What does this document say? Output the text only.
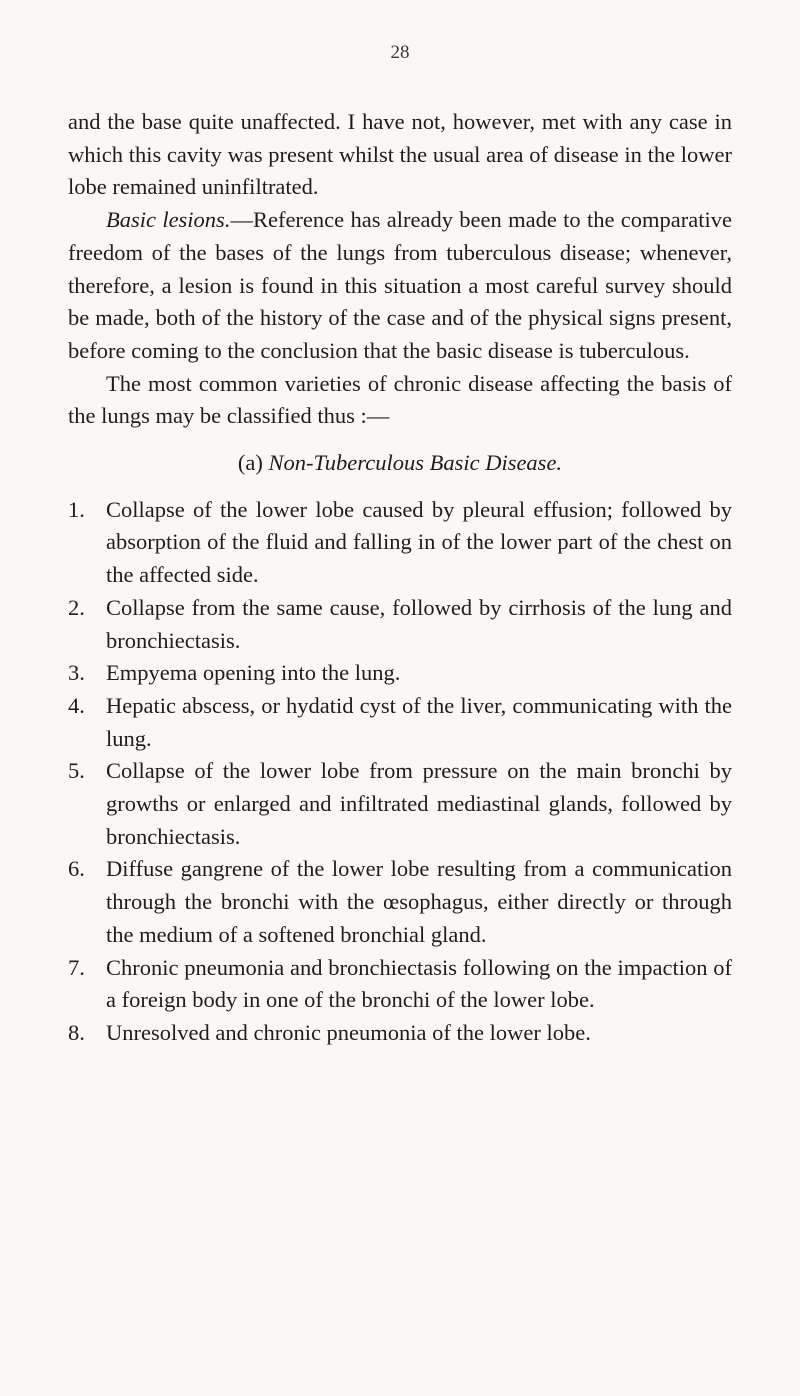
28

and the base quite unaffected. I have not, however, met with any case in which this cavity was present whilst the usual area of disease in the lower lobe remained uninfiltrated.

Basic lesions.—Reference has already been made to the comparative freedom of the bases of the lungs from tuberculous disease; whenever, therefore, a lesion is found in this situation a most careful survey should be made, both of the history of the case and of the physical signs present, before coming to the conclusion that the basic disease is tuberculous.

The most common varieties of chronic disease affecting the basis of the lungs may be classified thus :—

(a) Non-Tuberculous Basic Disease.

1. Collapse of the lower lobe caused by pleural effusion; followed by absorption of the fluid and falling in of the lower part of the chest on the affected side.
2. Collapse from the same cause, followed by cirrhosis of the lung and bronchiectasis.
3. Empyema opening into the lung.
4. Hepatic abscess, or hydatid cyst of the liver, communicating with the lung.
5. Collapse of the lower lobe from pressure on the main bronchi by growths or enlarged and infiltrated mediastinal glands, followed by bronchiectasis.
6. Diffuse gangrene of the lower lobe resulting from a communication through the bronchi with the œsophagus, either directly or through the medium of a softened bronchial gland.
7. Chronic pneumonia and bronchiectasis following on the impaction of a foreign body in one of the bronchi of the lower lobe.
8. Unresolved and chronic pneumonia of the lower lobe.
